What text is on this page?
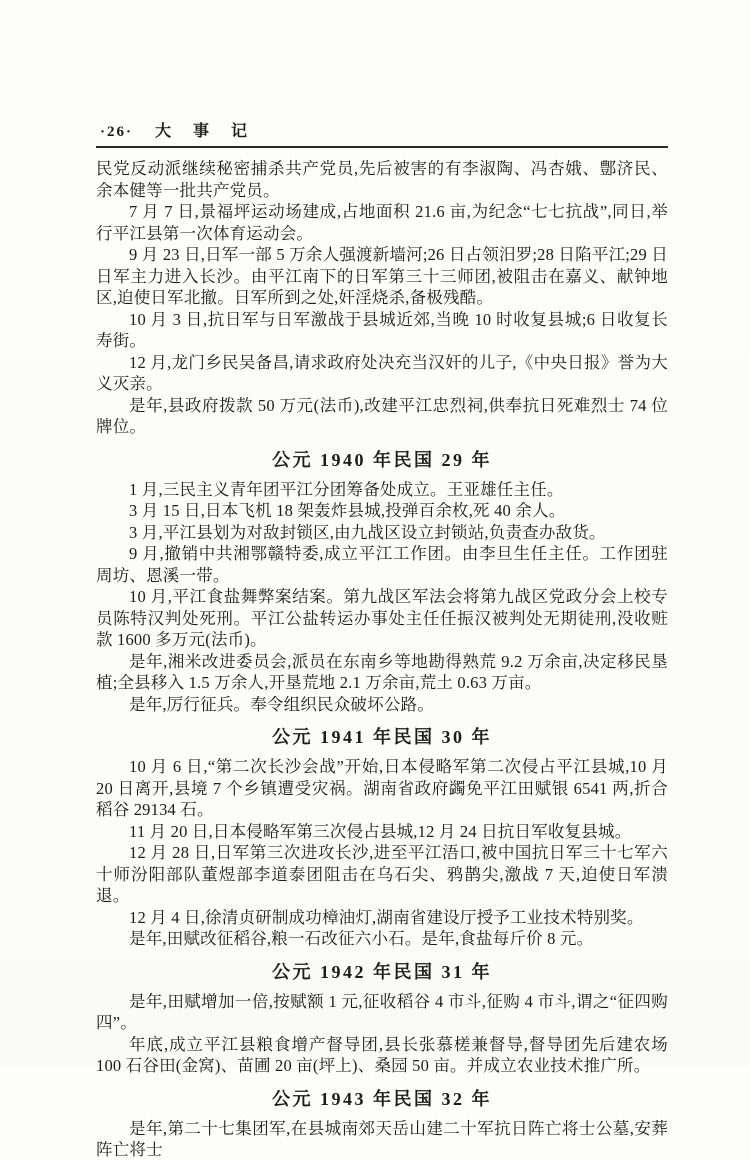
·26· 大 事 记

民党反动派继续秘密捕杀共产党员,先后被害的有李淑陶、冯杏娥、鄷济民、余本健等一批共产党员。

7 月 7 日,景福坪运动场建成,占地面积 21.6 亩,为纪念“七七抗战”,同日,举行平江县第一次体育运动会。

9 月 23 日,日军一部 5 万余人强渡新墙河;26 日占领汨罗;28 日陷平江;29 日日军主力进入长沙。由平江南下的日军第三十三师团,被阻击在嘉义、献钟地区,迫使日军北撤。日军所到之处,奸淫烧杀,备极残酷。

10 月 3 日,抗日军与日军激战于县城近郊,当晚 10 时收复县城;6 日收复长寿街。

12 月,龙门乡民吴备昌,请求政府处决充当汉奸的儿子,《中央日报》誉为大义灭亲。

是年,县政府拨款 50 万元(法币),改建平江忠烈祠,供奉抗日死难烈士 74 位牌位。

公元 1940 年民国 29 年

1 月,三民主义青年团平江分团筹备处成立。王亚雄任主任。

3 月 15 日,日本飞机 18 架轰炸县城,投弹百余枚,死 40 余人。

3 月,平江县划为对敌封锁区,由九战区设立封锁站,负责查办敌货。

9 月,撤销中共湘鄂赣特委,成立平江工作团。由李旦生任主任。工作团驻周坊、恩溪一带。

10 月,平江食盐舞弊案结案。第九战区军法会将第九战区党政分会上校专员陈特汉判处死刑。平江公盐转运办事处主任任振汉被判处无期徒刑,没收赃款 1600 多万元(法币)。

是年,湘米改进委员会,派员在东南乡等地勘得熟荒 9.2 万余亩,决定移民垦植;全县移入 1.5 万余人,开垦荒地 2.1 万余亩,荒土 0.63 万亩。

是年,厉行征兵。奉令组织民众破坏公路。

公元 1941 年民国 30 年

10 月 6 日,“第二次长沙会战”开始,日本侵略军第二次侵占平江县城,10 月 20 日离开,县境 7 个乡镇遭受灾祸。湖南省政府蠲免平江田赋银 6541 两,折合稻谷 29134 石。

11 月 20 日,日本侵略军第三次侵占县城,12 月 24 日抗日军收复县城。

12 月 28 日,日军第三次进攻长沙,进至平江浯口,被中国抗日军三十七军六十师汾阳部队董煜部李道泰团阻击在乌石尖、鸦鹊尖,激战 7 天,迫使日军溃退。

12 月 4 日,徐清贞研制成功樟油灯,湖南省建设厅授予工业技术特别奖。

是年,田赋改征稻谷,粮一石改征六小石。是年,食盐每斤价 8 元。

公元 1942 年民国 31 年

是年,田赋增加一倍,按赋额 1 元,征收稻谷 4 市斗,征购 4 市斗,谓之“征四购四”。

年底,成立平江县粮食增产督导团,县长张慕槎兼督导,督导团先后建农场 100 石谷田(金窝)、苗圃 20 亩(坪上)、桑园 50 亩。并成立农业技术推广所。

公元 1943 年民国 32 年

是年,第二十七集团军,在县城南郊天岳山建二十军抗日阵亡将士公墓,安葬阵亡将士
